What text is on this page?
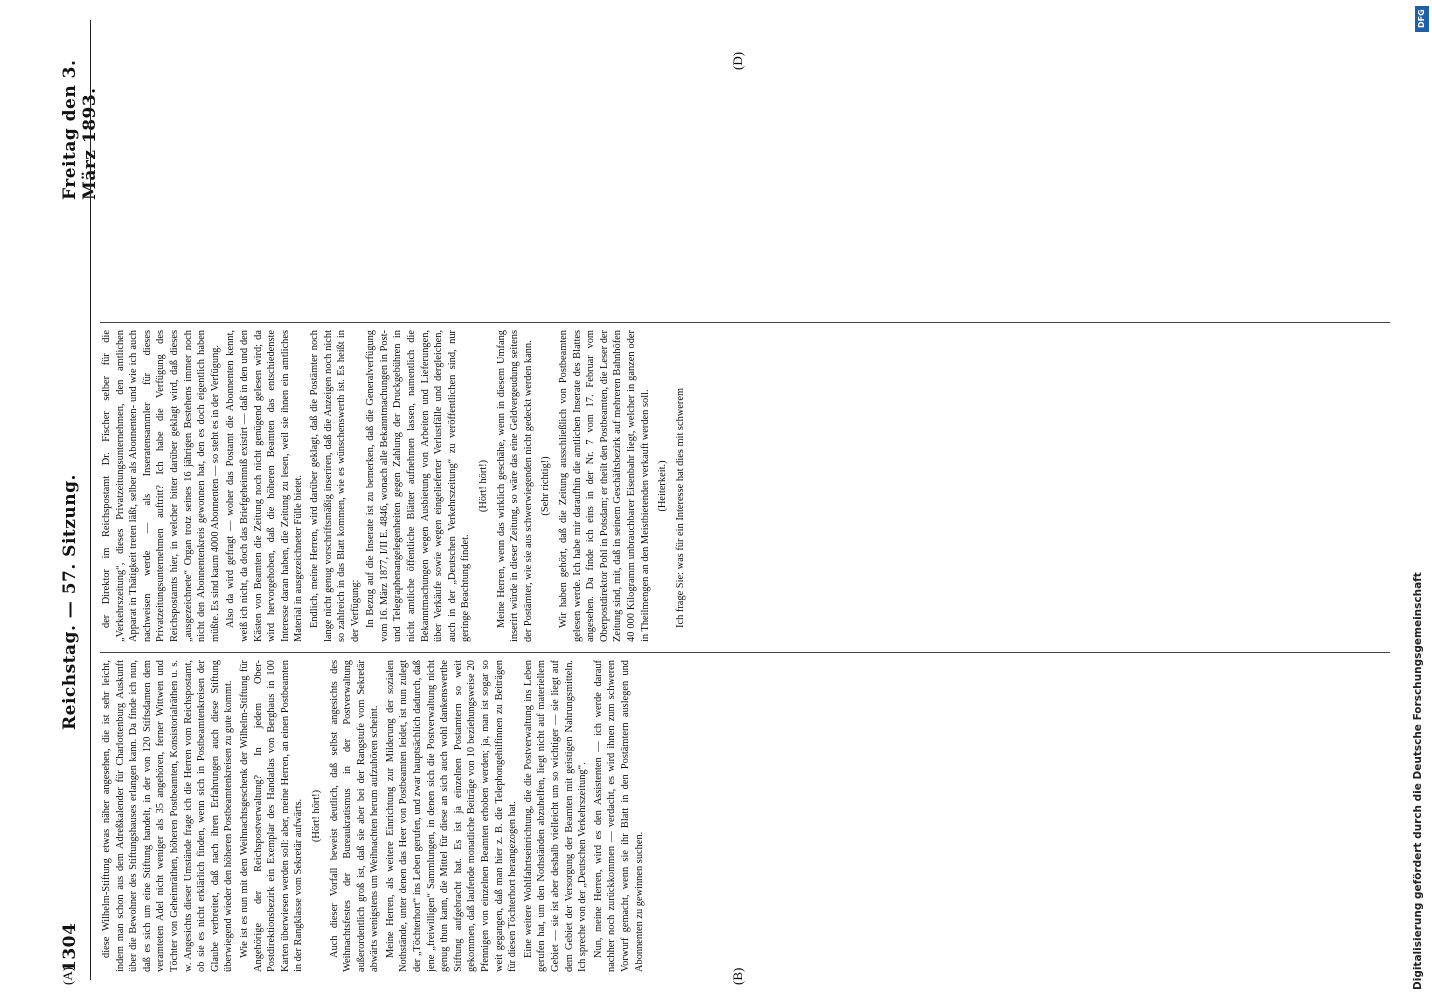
1304
Reichstag. — 57. Sitzung.
Freitag den 3. März 1893.

diese Wilhelm-Stiftung etwas näher angesehen, die ist sehr leicht, indem man schon aus dem Adreßkalender für Charlottenburg Auskunft über die Bewohner des Stiftungshauses erlangen kann. Da finde ich nun, daß es sich um eine Stiftung handelt, in der von 120 Stiftsdamen dem veramteten Adel nicht weniger als 35 angehören, ferner Wittwen und Töchter von Geheimräthen, höheren Postbeamten, Konsistorialräthen u. s. w. Angesichts dieser Umstände frage ich die Herren vom Reichspostamt, ob sie es nicht erklärlich finden, wenn sich in Postbeamtenkreisen der Glaube verbreitet, daß nach ihren Erfahrungen auch diese Stiftung überwiegend wieder den höheren Postbeamtenkreisen zu gute kommt. Wie ist es nun mit dem Weihnachtsgeschenk der Wilhelm-Stiftung für Angehörige der Reichspostverwaltung? In jedem Ober-Postdirektionsbezirk ein Exemplar des Handatlas von Berghaus in 100 Karten überwiesen werden soll: aber, meine Herren, an einen Postbeamten in der Rangklasse vom Sekretär aufwärts. (Hört! hört!) Auch dieser Vorfall beweist deutlich, daß selbst angesichts des Weihnachtsfestes der Bureaukratismus in der Postverwaltung außerordentlich groß ist, daß sie aber bei der Rangstufe vom Sekretär abwärts wenigstens um Weihnachten herum aufzuhören scheint. Meine Herren, als weitere Einrichtung zur Milderung der sozialen Nothstände, unter denen das Heer von Postbeamten leidet, ist nun zulegt der „Töchterhort“ ins Leben gerufen, und zwar hauptsächlich dadurch, daß jene „freiwilligen“ Sammlungen, in denen sich die Postverwaltung nicht genug thun kann, die Mittel für diese an sich auch wohl dankenswerthe Stiftung aufgebracht hat. Es ist ja einzelnen Postamtern so weit gekommen, daß laufende monatliche Beiträge von 10 beziehungsweise 20 Pfennigen von einzelnen Beamten erhoben werden; ja, man ist sogar so weit gegangen, daß man hier z. B. die Telephongehilfinnen zu Beiträgen für diesen Töchterhort herangezogen hat. Eine weitere Wohlfahrtseinrichtung, die die Postverwaltung ins Leben gerufen hat, um den Nothständen abzuhelfen, liegt nicht auf materiellem Gebiet — sie ist aber deshalb vielleicht um so wichtiger — sie liegt auf dem Gebiet der Versorgung der Beamten mit geistigen Nahrungsmitteln. Ich spreche von der „Deutschen Verkehrszeitung“. Nun, meine Herren, wird es den Assistenten — ich werde darauf nachher noch zurückkommen — verdacht, es wird ihnen zum schweren Vorwurf gemacht, wenn sie ihr Blatt in den Postämtern auslegen und Abonnenten zu gewinnen suchen.

der Direktor im Reichspostamt Dr. Fischer selber für die „Verkehrszeitung“, dieses Privatzeitungsunternehmen, den amtlichen Apparat in Thätigkeit treten läßt, selber als Abonnenten- und wie ich auch nachweisen werde — als Inseratensammler für dieses Privatzeitungsunternehmen auftritt? Ich habe die Verfügung des Reichspostamts hier, in welcher bitter darüber geklagt wird, daß dieses „ausgezeichnete“ Organ trotz seines 16 jährigen Bestehens immer noch nicht den Abonnentenkreis gewonnen hat, den es doch eigentlich haben müßte. Es sind kaum 4000 Abonnenten — so steht es in der Verfügung. Also da wird gefragt — woher das Postamt die Abonnenten kennt, weiß ich nicht, da doch das Briefgeheimniß existirt — daß in den und den Kästen von Beamten die Zeitung noch nicht genügend gelesen wird; da wird hervorgehoben, daß die höheren Beamten das entschiedenste Interesse daran haben, die Zeitung zu lesen, weil sie ihnen ein amtliches Material in ausgezeichneter Fülle bietet. Endlich, meine Herren, wird darüber geklagt, daß die Postämter noch lange nicht genug vorschriftsmäßig inseriren, daß die Anzeigen noch nicht so zahlreich in das Blatt kommen, wie es wünschenswerth ist. Es heißt in der Verfügung: In Bezug auf die Inserate ist zu bemerken, daß die Generalverfügung vom 16. März 1877, I/II E. 4846, wonach alle Bekanntmachungen in Post- und Telegraphenangelegenheiten gegen Zahlung der Druckgebühren in nicht amtliche öffentliche Blätter aufnehmen lassen, namentlich die Bekanntmachungen wegen Ausbietung von Arbeiten und Lieferungen, über Verkäufe sowie wegen eingelieferter Verlustfälle und dergleichen, auch in der „Deutschen Verkehrszeitung“ zu veröffentlichen sind, nur geringe Beachtung findet.

(Hört! hört!) Meine Herren, wenn das wirklich geschähe, wenn in diesem Umfang inserirt würde in dieser Zeitung, so wäre das eine Geldvergeudung seitens der Postämter, wie sie aus schwerwiegenden nicht gedeckt werden kann. (Sehr richtig!) Wir haben gehört, daß die Zeitung ausschließlich von Postbeamten gelesen werde. Ich habe mir daraufhin die amtlichen Inserate des Blattes angesehen. Da finde ich eins in der Nr. 7 vom 17. Februar vom Oberpostdirektor Pohl in Potsdam; er theilt den Postbeamten, die Leser der Zeitung sind, mit, daß in seinem Geschäftsbezirk auf mehreren Bahnhöfen 40 000 Kilogramm unbrauchbarer Eisenbahr liegt, welcher in ganzen oder in Theilmengen an den Meistbietenden verkauft werden soll. (Heiterkeit.) Ich frage Sie: was für ein Interesse hat dies mit schwerem

(A)	(B)
(D)
DFG
Digitalisierung gefördert durch die Deutsche Forschungsgemeinschaft
